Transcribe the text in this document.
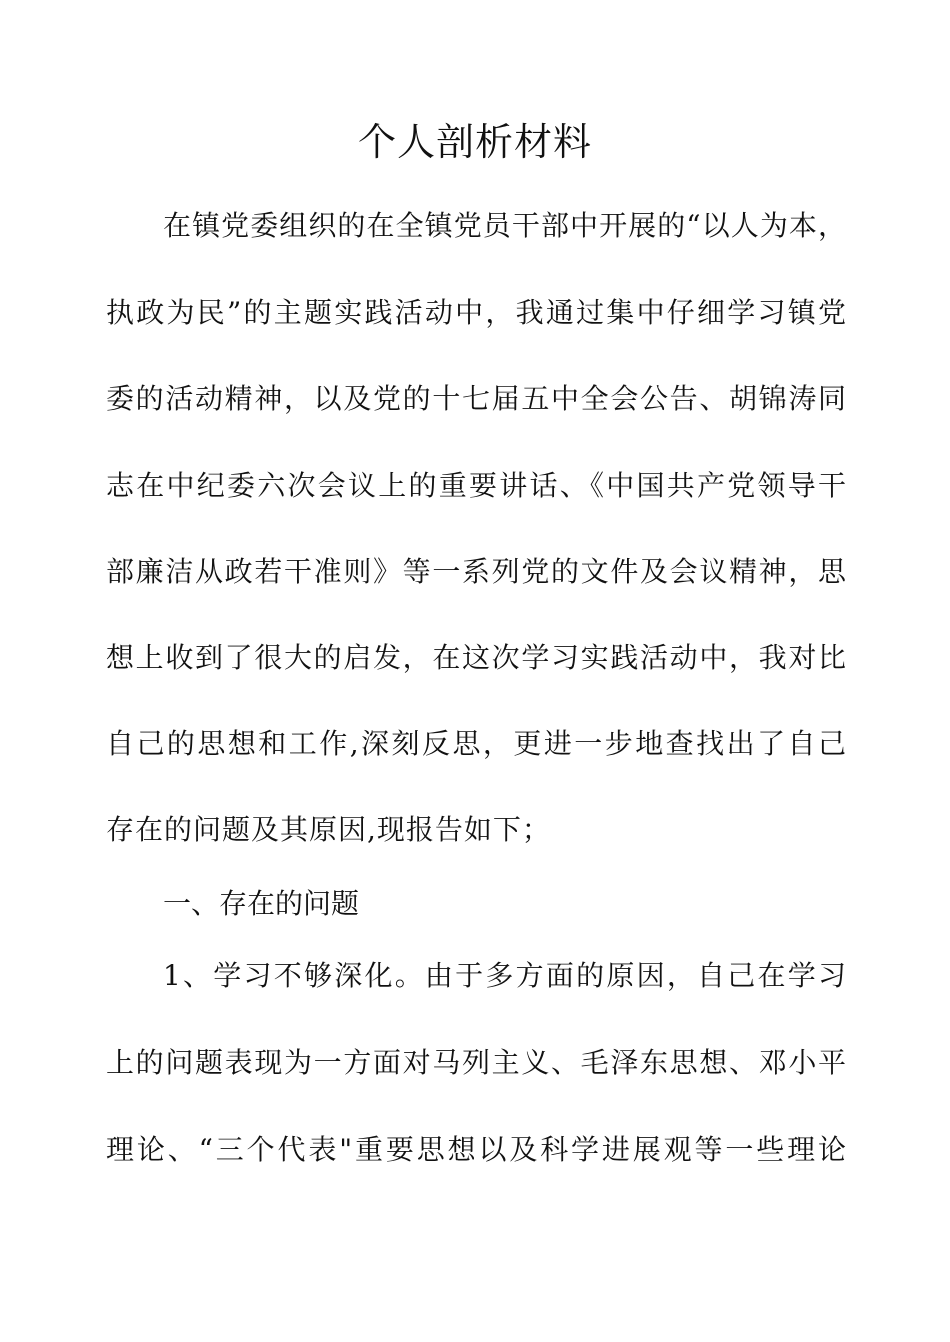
个人剖析材料
在镇党委组织的在全镇党员干部中开展的“以人为本，
执政为民”的主题实践活动中，我通过集中仔细学习镇党
委的活动精神，以及党的十七届五中全会公告、胡锦涛同
志在中纪委六次会议上的重要讲话、《中国共产党领导干
部廉洁从政若干准则》等一系列党的文件及会议精神，思
想上收到了很大的启发，在这次学习实践活动中，我对比
自己的思想和工作,深刻反思，更进一步地查找出了自己
存在的问题及其原因,现报告如下；
一、存在的问题
1、学习不够深化。由于多方面的原因，自己在学习
上的问题表现为一方面对马列主义、毛泽东思想、邓小平
理论、“三个代表"重要思想以及科学进展观等一些理论
